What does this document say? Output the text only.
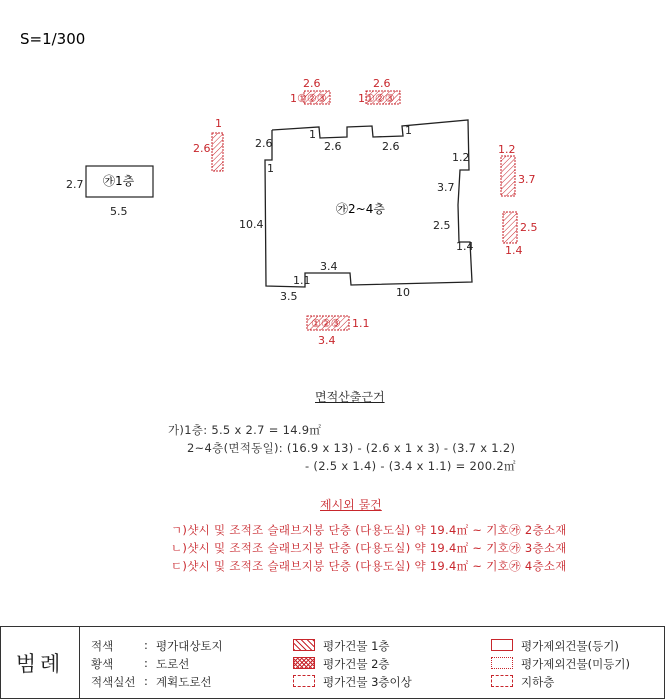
S=1/300
㉮1층
2.7
5.5	㉮2~4층
2.6
1
2.6
1
2.6
1.2
3.7
2.5
1.4
10
3.5
1.1
3.4
10.4
1
2.6
1①②③
2.6
1①②③
1
2.6	1.2
3.7
2.5
1.4
①②③ 1.1
3.4
면적산출근거
가)1층: 5.5 x 2.7 = 14.9㎡
2~4층(면적동일): (16.9 x 13) - (2.6 x 1 x 3) - (3.7 x 1.2)
- (2.5 x 1.4) - (3.4 x 1.1) = 200.2㎡
제시외 물건
ㄱ)샷시 및 조적조 슬래브지붕 단층 (다용도실) 약 19.4㎡ ~ 기호㉮ 2층소재
ㄴ)샷시 및 조적조 슬래브지붕 단층 (다용도실) 약 19.4㎡ ~ 기호㉮ 3층소재
ㄷ)샷시 및 조적조 슬래브지붕 단층 (다용도실) 약 19.4㎡ ~ 기호㉮ 4층소재
범례
적색	: 평가대상토지
황색	: 도로선
적색실선 : 계획도로선
평가건물 1층
평가건물 2층
평가건물 3층이상
평가제외건물(등기)
평가제외건물(미등기)
지하층
